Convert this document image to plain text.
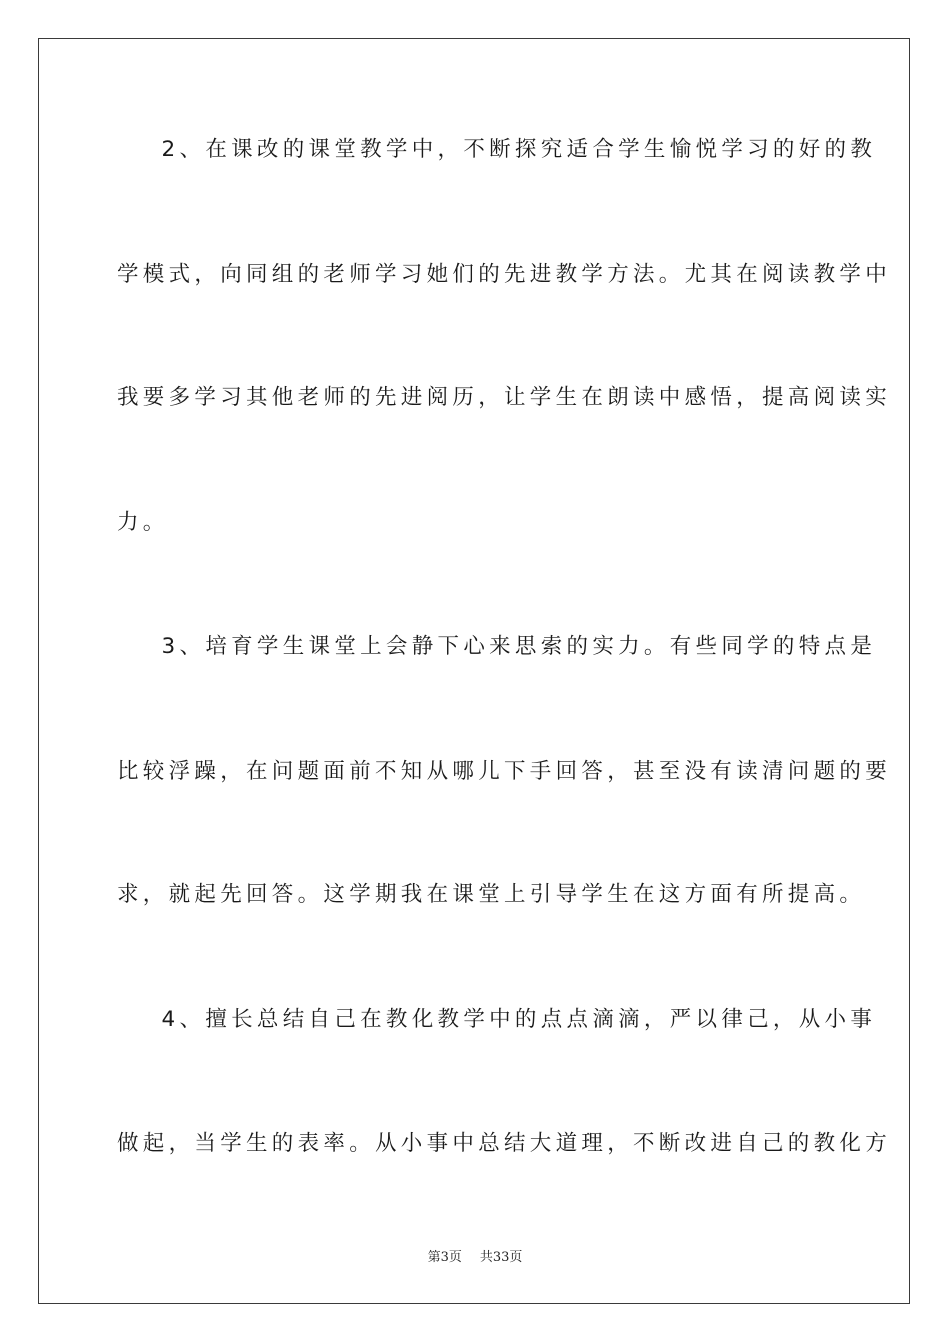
2、在课改的课堂教学中，不断探究适合学生愉悦学习的好的教
学模式，向同组的老师学习她们的先进教学方法。尤其在阅读教学中
我要多学习其他老师的先进阅历，让学生在朗读中感悟，提高阅读实
力。
3、培育学生课堂上会静下心来思索的实力。有些同学的特点是
比较浮躁，在问题面前不知从哪儿下手回答，甚至没有读清问题的要
求，就起先回答。这学期我在课堂上引导学生在这方面有所提高。
4、擅长总结自己在教化教学中的点点滴滴，严以律己，从小事
做起，当学生的表率。从小事中总结大道理，不断改进自己的教化方
第3页 共33页
